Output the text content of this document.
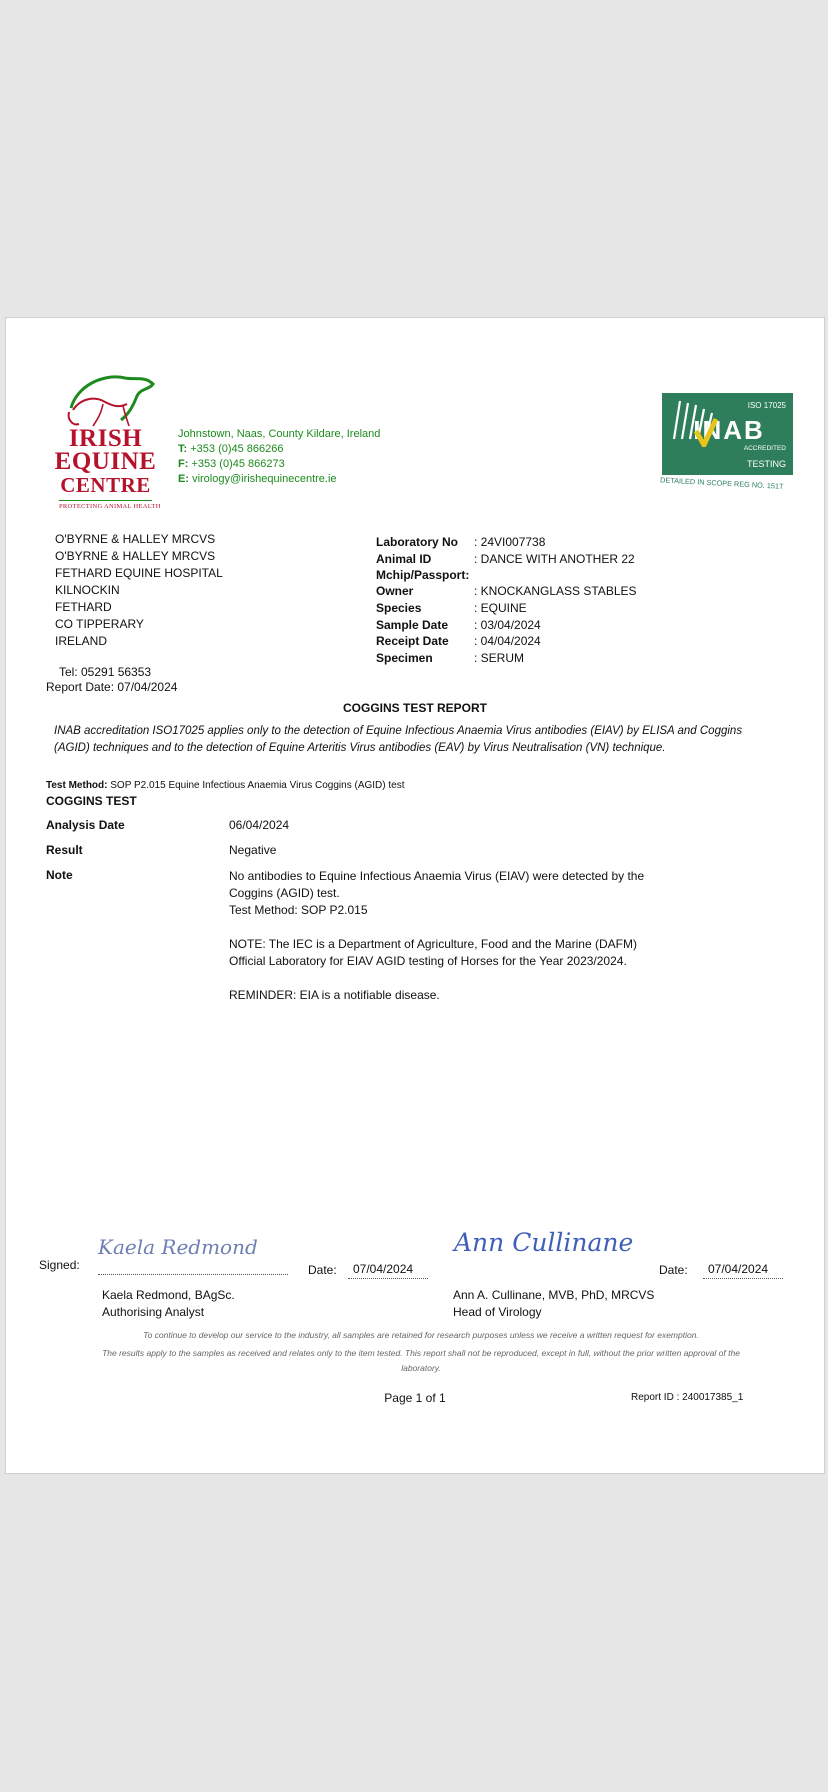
IRISH
EQUINE
CENTRE
PROTECTING ANIMAL HEALTH
Johnstown, Naas, County Kildare, Ireland
T: +353 (0)45 866266
F: +353 (0)45 866273
E: virology@irishequinecentre.ie
ISO 17025
INAB
ACCREDITED
TESTING
DETAILED IN SCOPE REG NO. 151T
O'BYRNE & HALLEY MRCVS
O'BYRNE & HALLEY MRCVS
FETHARD EQUINE HOSPITAL
KILNOCKIN
FETHARD
CO TIPPERARY
IRELAND
Tel: 05291 56353
Report Date: 07/04/2024
Laboratory No : 24VI007738
Animal ID	: DANCE WITH ANOTHER 22
Mchip/Passport:
Owner	: KNOCKANGLASS STABLES
Species	: EQUINE
Sample Date : 03/04/2024
Receipt Date : 04/04/2024
Specimen	: SERUM
COGGINS TEST REPORT
INAB accreditation ISO17025 applies only to the detection of Equine Infectious Anaemia Virus antibodies (EIAV) by ELISA and Coggins (AGID) techniques and to the detection of Equine Arteritis Virus antibodies (EAV) by Virus Neutralisation (VN) technique.
Test Method: SOP P2.015 Equine Infectious Anaemia Virus Coggins (AGID) test
COGGINS TEST
Analysis Date	06/04/2024
Result	Negative
Note	No antibodies to Equine Infectious Anaemia Virus (EIAV) were detected by the Coggins (AGID) test.

Test Method: SOP P2.015

NOTE: The IEC is a Department of Agriculture, Food and the Marine (DAFM) Official Laboratory for EIAV AGID testing of Horses for the Year 2023/2024.

REMINDER: EIA is a notifiable disease.

Signed:
Kaela Redmond
Date: 07/04/2024
Kaela Redmond, BAgSc.
Authorising Analyst
Ann Cullinane
Date: 07/04/2024
Ann A. Cullinane, MVB, PhD, MRCVS
Head of Virology
To continue to develop our service to the industry, all samples are retained for research purposes unless we receive a written request for exemption.
The results apply to the samples as received and relates only to the item tested. This report shall not be reproduced, except in full, without the prior written approval of the laboratory.
Page 1 of 1	Report ID : 240017385_1
